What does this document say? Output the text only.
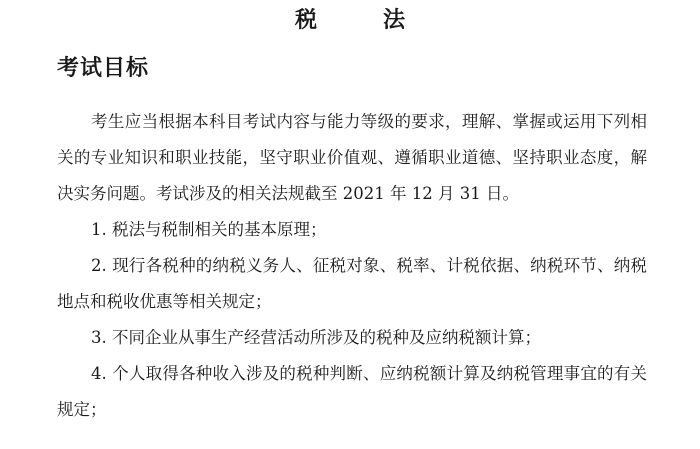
税　法
考试目标

考生应当根据本科目考试内容与能力等级的要求，理解、掌握或运用下列相关的专业知识和职业技能，坚守职业价值观、遵循职业道德、坚持职业态度，解决实务问题。考试涉及的相关法规截至 2021 年 12 月 31 日。

1. 税法与税制相关的基本原理；

2. 现行各税种的纳税义务人、征税对象、税率、计税依据、纳税环节、纳税地点和税收优惠等相关规定；

3. 不同企业从事生产经营活动所涉及的税种及应纳税额计算；

4. 个人取得各种收入涉及的税种判断、应纳税额计算及纳税管理事宜的有关规定；
